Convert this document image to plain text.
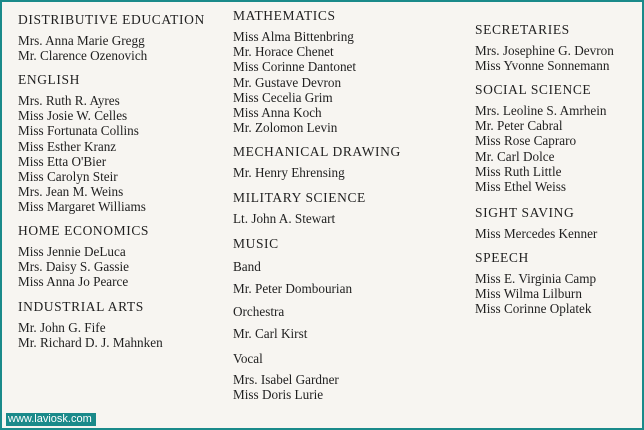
DISTRIBUTIVE EDUCATION

Mrs. Anna Marie Gregg
Mr. Clarence Ozenovich

ENGLISH

Mrs. Ruth R. Ayres
Miss Josie W. Celles
Miss Fortunata Collins
Miss Esther Kranz
Miss Etta O'Bier
Miss Carolyn Steir
Mrs. Jean M. Weins
Miss Margaret Williams

HOME ECONOMICS

Miss Jennie DeLuca
Mrs. Daisy S. Gassie
Miss Anna Jo Pearce

INDUSTRIAL ARTS

Mr. John G. Fife
Mr. Richard D. J. Mahnken

MATHEMATICS

Miss Alma Bittenbring
Mr. Horace Chenet
Miss Corinne Dantonet
Mr. Gustave Devron
Miss Cecelia Grim
Miss Anna Koch
Mr. Zolomon Levin

MECHANICAL DRAWING

Mr. Henry Ehrensing

MILITARY SCIENCE

Lt. John A. Stewart

MUSIC

Band

Mr. Peter Dombourian

Orchestra

Mr. Carl Kirst

Vocal

Mrs. Isabel Gardner
Miss Doris Lurie

SECRETARIES

Mrs. Josephine G. Devron
Miss Yvonne Sonnemann

SOCIAL SCIENCE

Mrs. Leoline S. Amrhein
Mr. Peter Cabral
Miss Rose Capraro
Mr. Carl Dolce
Miss Ruth Little
Miss Ethel Weiss

SIGHT SAVING

Miss Mercedes Kenner

SPEECH

Miss E. Virginia Camp
Miss Wilma Lilburn
Miss Corinne Oplatek
www.laviosk.com
